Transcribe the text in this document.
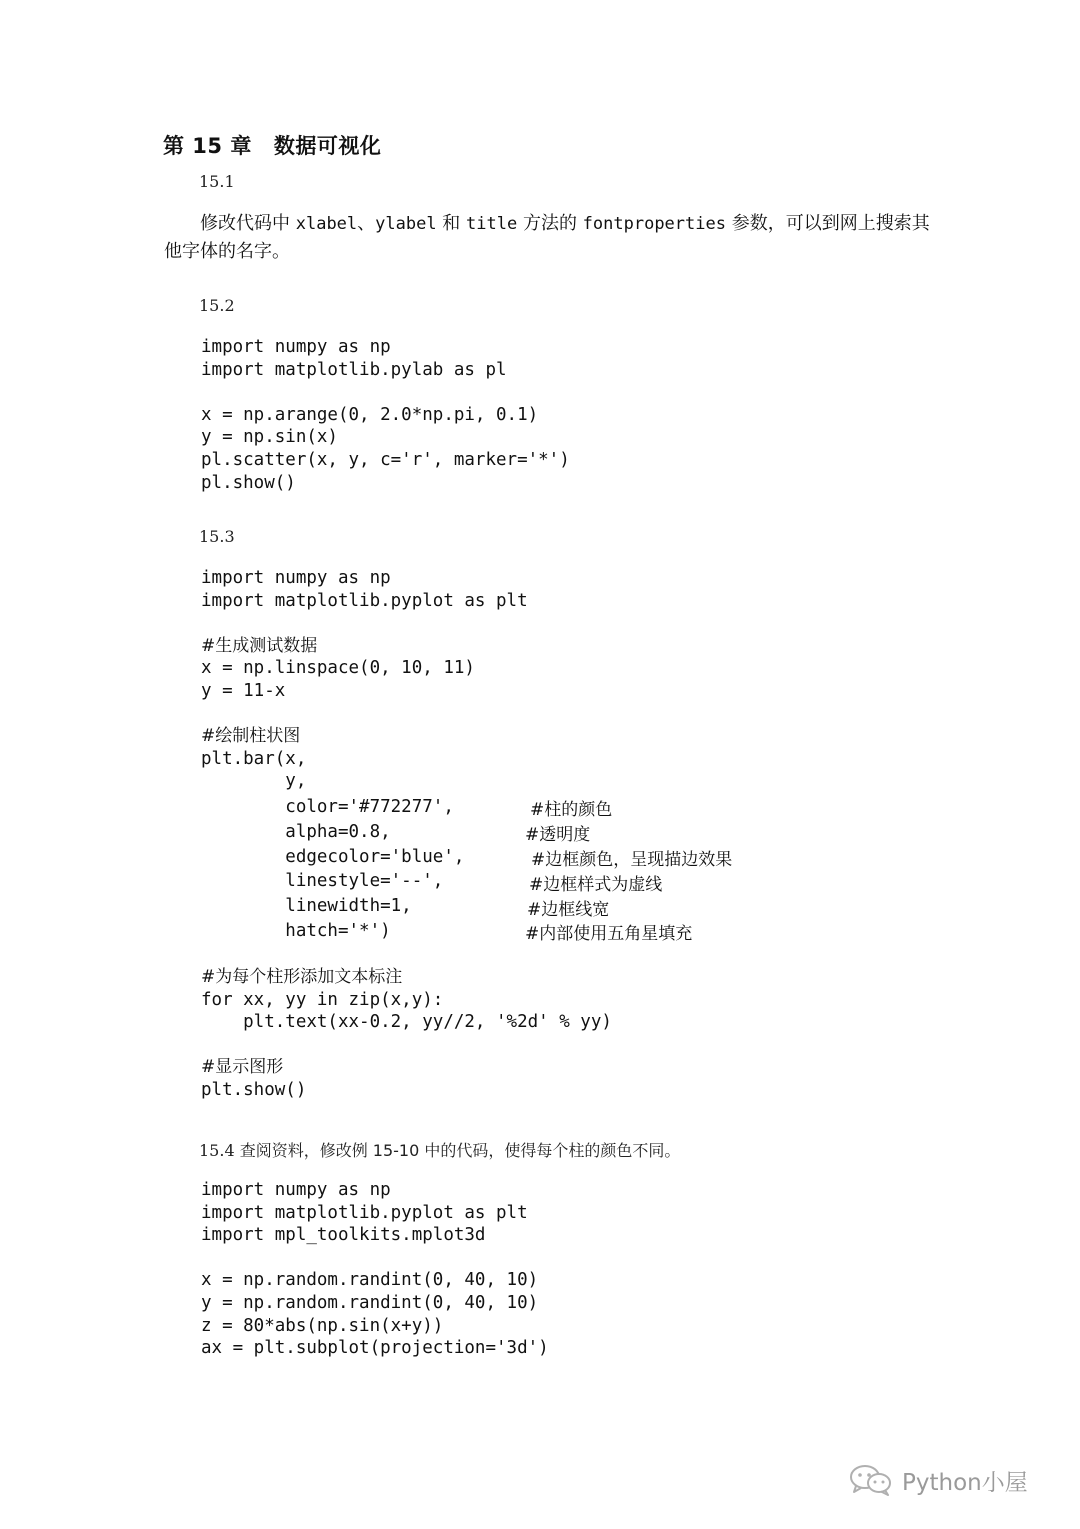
第 15 章 数据可视化
15.1
修改代码中 xlabel、ylabel 和 title 方法的 fontproperties 参数，可以到网上搜索其他字体的名字。
15.2
import numpy as np
import matplotlib.pylab as pl

x = np.arange(0, 2.0*np.pi, 0.1)
y = np.sin(x)
pl.scatter(x, y, c='r', marker='*')
pl.show()
15.3
import numpy as np
import matplotlib.pyplot as plt

#生成测试数据
x = np.linspace(0, 10, 11)
y = 11-x

#绘制柱状图
plt.bar(x,
y,
color='#772277',
alpha=0.8,
edgecolor='blue',
linestyle='--',
linewidth=1,
hatch='*')
#柱的颜色
#透明度
#边框颜色，呈现描边效果
#边框样式为虚线
#边框线宽
#内部使用五角星填充
#为每个柱形添加文本标注
for xx, yy in zip(x,y):
plt.text(xx-0.2, yy//2, '%2d' % yy)

#显示图形
plt.show()
15.4 查阅资料，修改例 15-10 中的代码，使得每个柱的颜色不同。
import numpy as np
import matplotlib.pyplot as plt
import mpl_toolkits.mplot3d

x = np.random.randint(0, 40, 10)
y = np.random.randint(0, 40, 10)
z = 80*abs(np.sin(x+y))
ax = plt.subplot(projection='3d')
Python小屋
